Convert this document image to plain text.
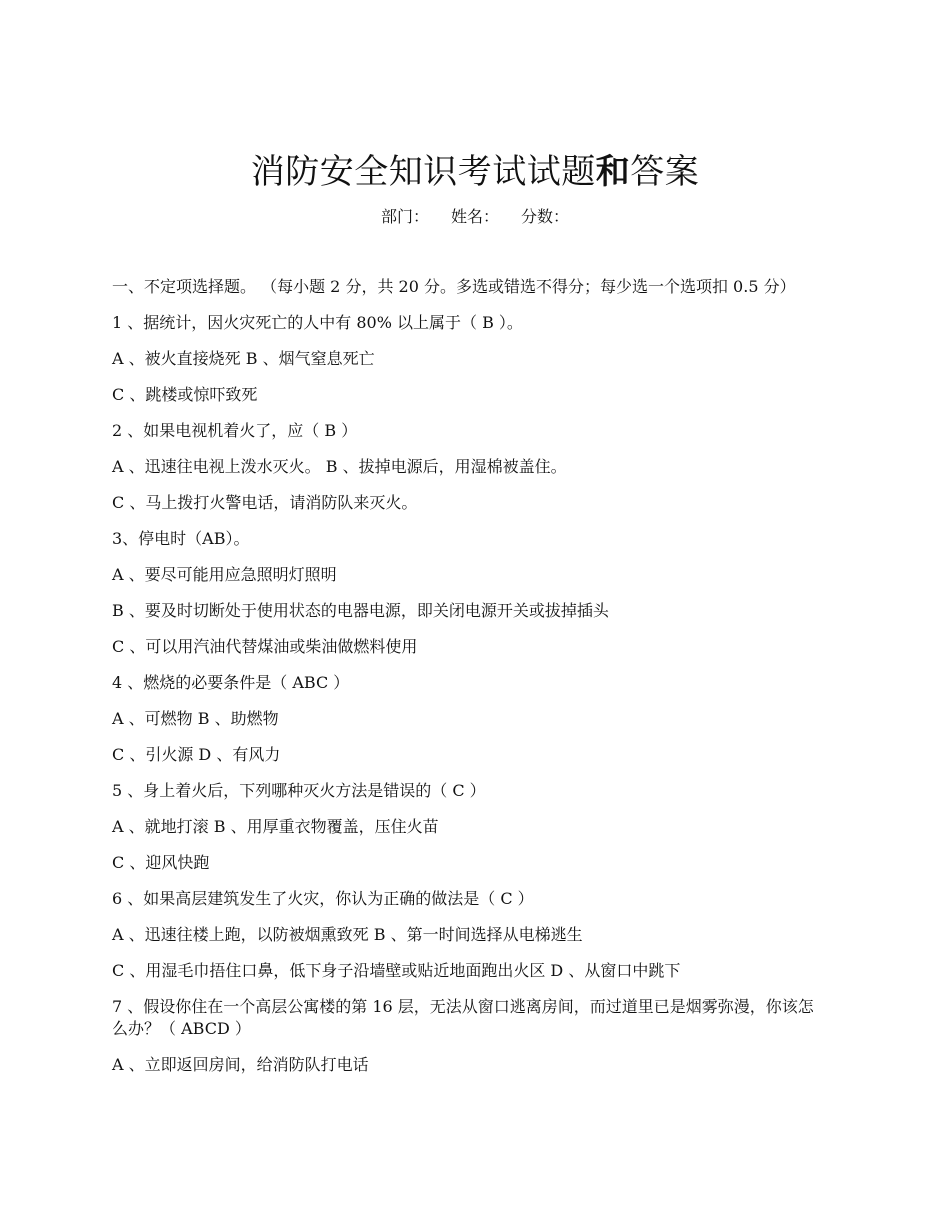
消防安全知识考试试题和答案
部门： 姓名： 分数：

一、不定项选择题。 （每小题 2 分，共 20 分。多选或错选不得分；每少选一个选项扣 0.5 分）

1 、据统计，因火灾死亡的人中有 80% 以上属于（ B ）。

A 、被火直接烧死 B 、烟气窒息死亡

C 、跳楼或惊吓致死

2 、如果电视机着火了，应（ B ）

A 、迅速往电视上泼水灭火。 B 、拔掉电源后，用湿棉被盖住。

C 、马上拨打火警电话，请消防队来灭火。

3、停电时（AB）。

A 、要尽可能用应急照明灯照明

B 、要及时切断处于使用状态的电器电源，即关闭电源开关或拔掉插头

C 、可以用汽油代替煤油或柴油做燃料使用

4 、燃烧的必要条件是（ ABC ）

A 、可燃物 B 、助燃物

C 、引火源 D 、有风力

5 、身上着火后，下列哪种灭火方法是错误的（ C ）

A 、就地打滚 B 、用厚重衣物覆盖，压住火苗

C 、迎风快跑

6 、如果高层建筑发生了火灾，你认为正确的做法是（ C ）

A 、迅速往楼上跑，以防被烟熏致死 B 、第一时间选择从电梯逃生

C 、用湿毛巾捂住口鼻，低下身子沿墙壁或贴近地面跑出火区 D 、从窗口中跳下

7 、假设你住在一个高层公寓楼的第 16 层，无法从窗口逃离房间，而过道里已是烟雾弥漫，你该怎么办？（ ABCD ）

A 、立即返回房间，给消防队打电话
